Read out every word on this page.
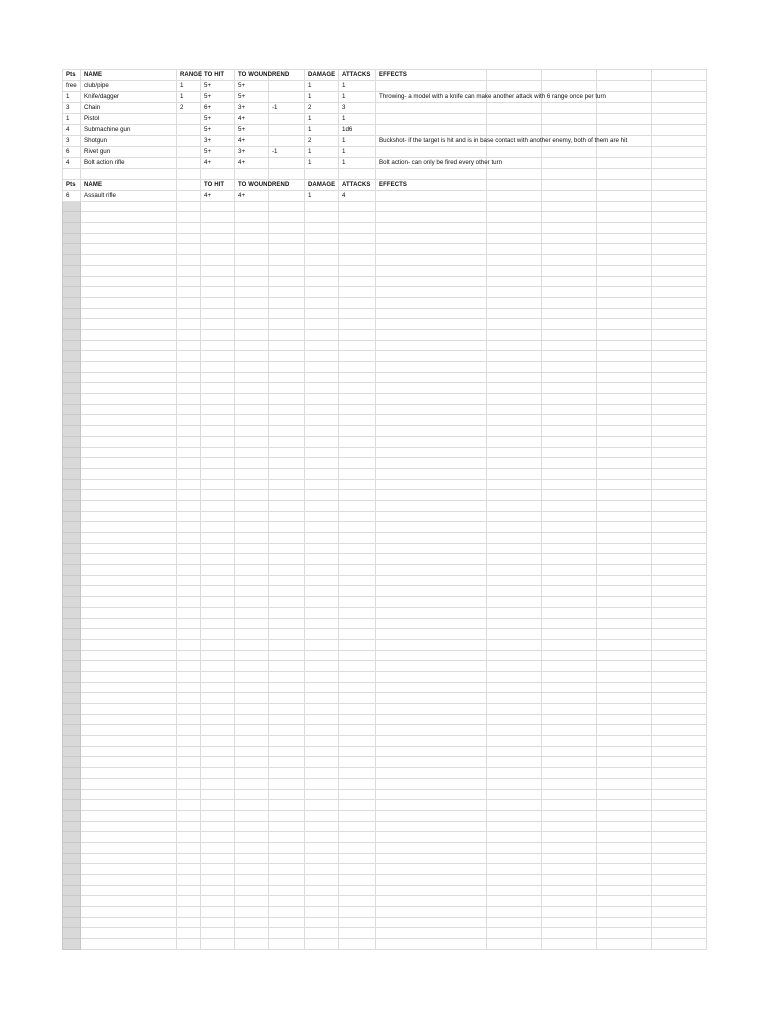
Pts	NAME	RANGE	TO HIT	TO WOUND	REND	DAMAGE	ATTACKS	EFFECTS				
free	club/pipe	1	5+	5+		1	1					
1	Knife/dagger	1	5+	5+		1	1	Throwing- a model with a knife can make another attack with 6 range once per turn				
3	Chain	2	6+	3+	-1	2	3					
1	Pistol		5+	4+		1	1					
4	Submachine gun		5+	5+		1	1d6					
3	Shotgun		3+	4+		2	1	Buckshot- if the target is hit and is in base contact with another enemy, both of them are hit				
6	Rivet gun		5+	3+	-1	1	1					
4	Bolt action rifle		4+	4+		1	1	Bolt action- can only be fired every other turn				

Pts	NAME		TO HIT	TO WOUND	REND	DAMAGE	ATTACKS	EFFECTS				
6	Assault rifle		4+	4+		1	4					
